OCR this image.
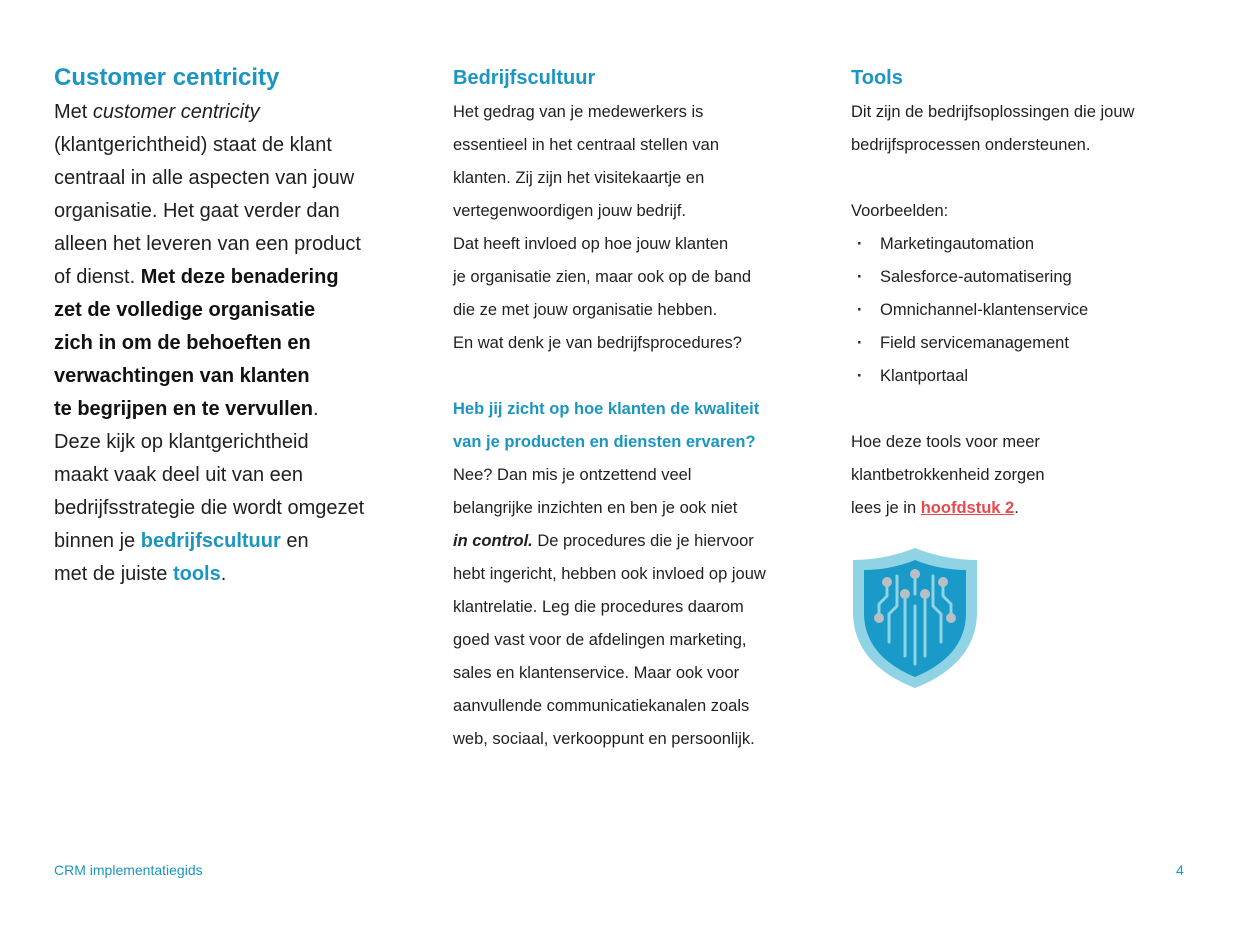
Customer centricity

Met customer centricity
(klantgerichtheid) staat de klant
centraal in alle aspecten van jouw
organisatie. Het gaat verder dan
alleen het leveren van een product
of dienst. Met deze benadering
zet de volledige organisatie
zich in om de behoeften en
verwachtingen van klanten
te begrijpen en te vervullen.
Deze kijk op klantgerichtheid
maakt vaak deel uit van een
bedrijfsstrategie die wordt omgezet
binnen je bedrijfscultuur en
met de juiste tools.

Bedrijfscultuur

Het gedrag van je medewerkers is
essentieel in het centraal stellen van
klanten. Zij zijn het visitekaartje en
vertegenwoordigen jouw bedrijf.
Dat heeft invloed op hoe jouw klanten
je organisatie zien, maar ook op de band
die ze met jouw organisatie hebben.
En wat denk je van bedrijfsprocedures?

Heb jij zicht op hoe klanten de kwaliteit
van je producten en diensten ervaren?

Nee? Dan mis je ontzettend veel
belangrijke inzichten en ben je ook niet
in control. De procedures die je hiervoor
hebt ingericht, hebben ook invloed op jouw
klantrelatie. Leg die procedures daarom
goed vast voor de afdelingen marketing,
sales en klantenservice. Maar ook voor
aanvullende communicatiekanalen zoals
web, sociaal, verkooppunt en persoonlijk.

Tools

Dit zijn de bedrijfsoplossingen die jouw
bedrijfsprocessen ondersteunen.

Voorbeelden:

· Marketingautomation
· Salesforce-automatisering
· Omnichannel-klantenservice
· Field servicemanagement
· Klantportaal

Hoe deze tools voor meer
klantbetrokkenheid zorgen
lees je in hoofdstuk 2.

CRM implementatiegids	4
